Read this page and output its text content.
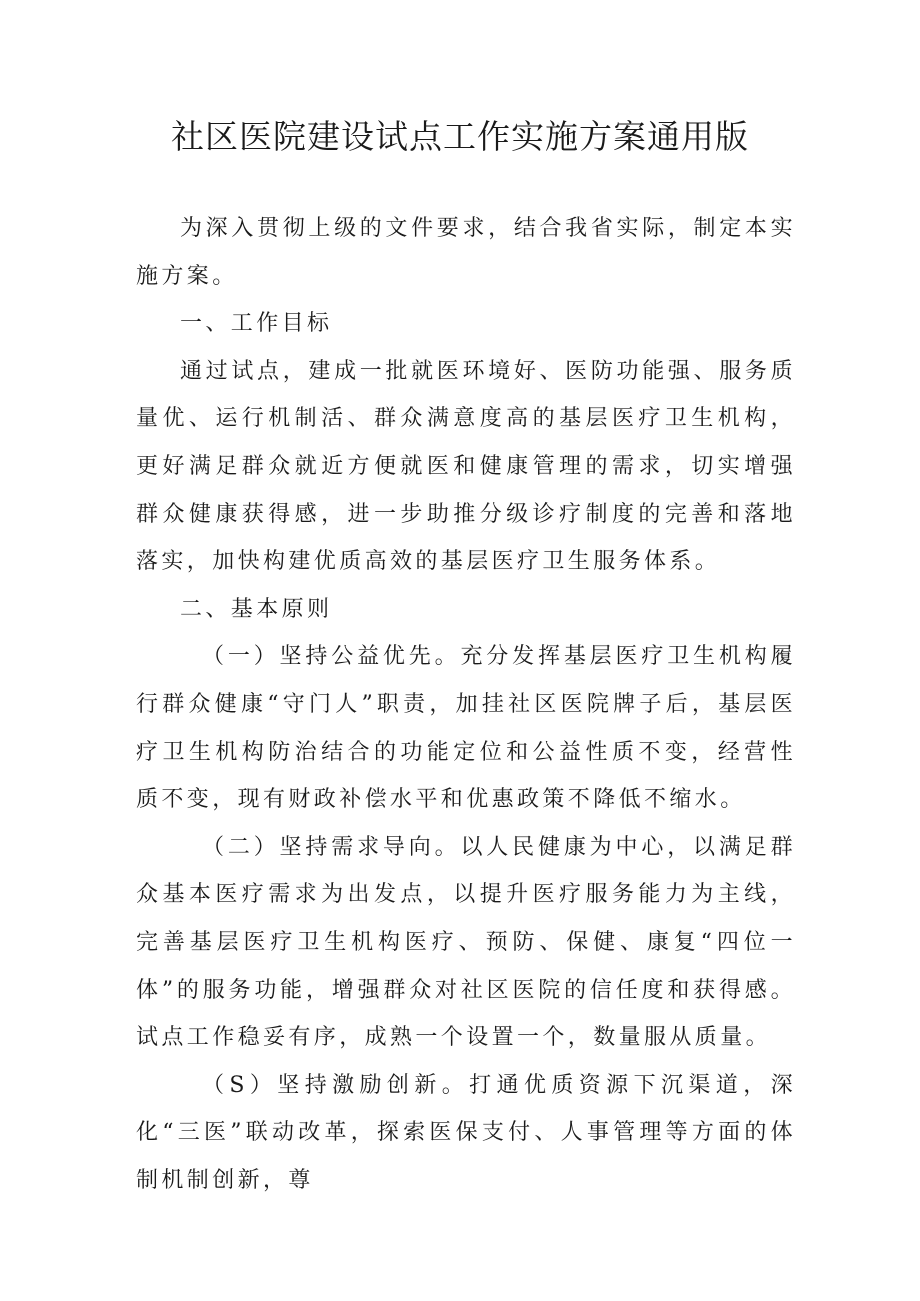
社区医院建设试点工作实施方案通用版

为深入贯彻上级的文件要求，结合我省实际，制定本实施方案。

一、工作目标

通过试点，建成一批就医环境好、医防功能强、服务质量优、运行机制活、群众满意度高的基层医疗卫生机构，更好满足群众就近方便就医和健康管理的需求，切实增强群众健康获得感，进一步助推分级诊疗制度的完善和落地落实，加快构建优质高效的基层医疗卫生服务体系。

二、基本原则

（一）坚持公益优先。充分发挥基层医疗卫生机构履行群众健康“守门人”职责，加挂社区医院牌子后，基层医疗卫生机构防治结合的功能定位和公益性质不变，经营性质不变，现有财政补偿水平和优惠政策不降低不缩水。

（二）坚持需求导向。以人民健康为中心，以满足群众基本医疗需求为出发点，以提升医疗服务能力为主线，完善基层医疗卫生机构医疗、预防、保健、康复“四位一体”的服务功能，增强群众对社区医院的信任度和获得感。试点工作稳妥有序，成熟一个设置一个，数量服从质量。

（S）坚持激励创新。打通优质资源下沉渠道，深化“三医”联动改革，探索医保支付、人事管理等方面的体制机制创新，尊
